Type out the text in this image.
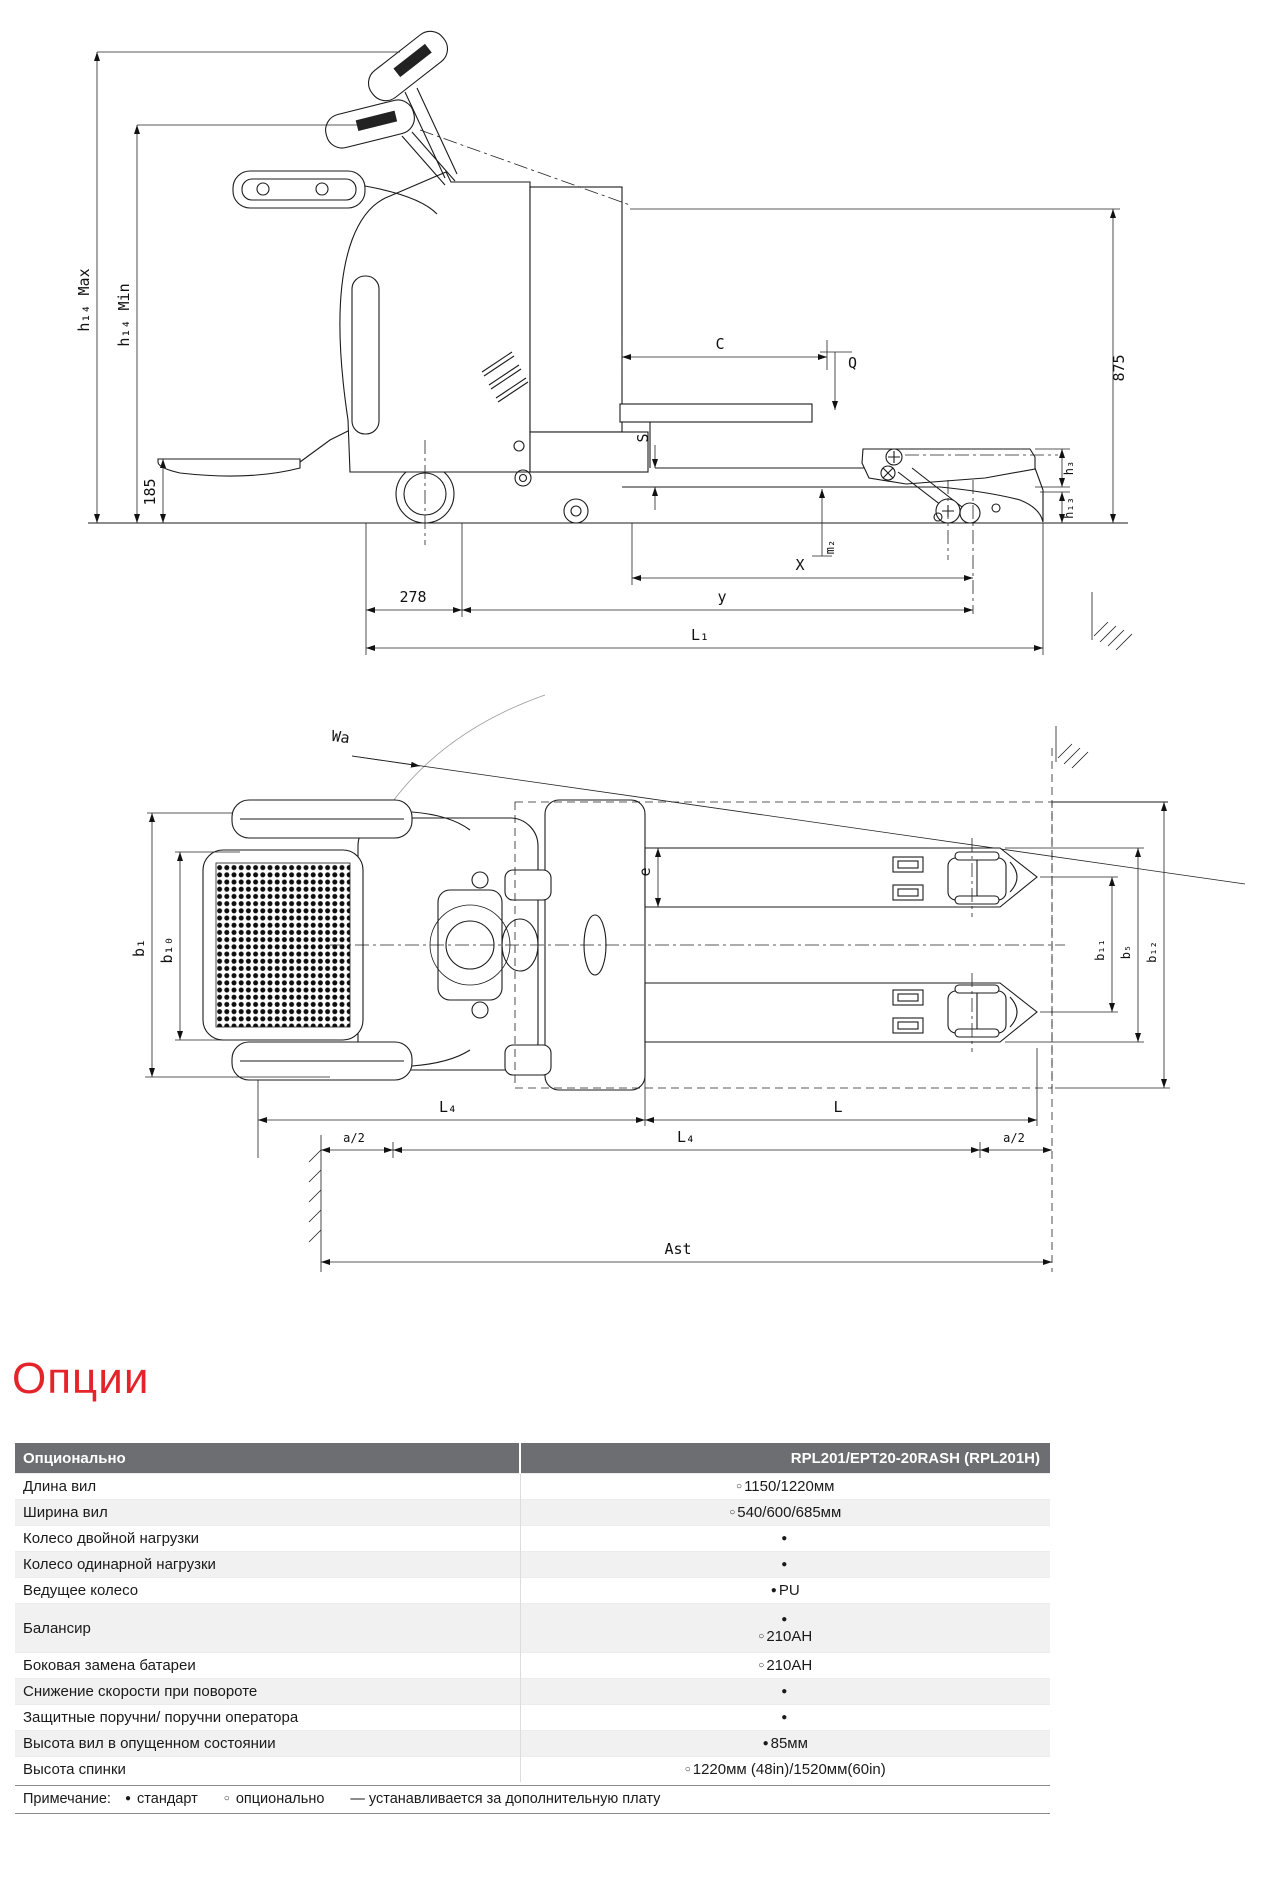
h₁₄ Max h₁₄ Min
185
C
Q
S
875
h₃
h₁₃
m₂
X
278	y
L₁
Wa
b₁ b₁₀
e
b₁₁ b₅ b₁₂
L₄	L
a/2	L₄	a/2
Ast
Опции
Опционально	RPL201/EPT20-20RASH (RPL201H)
Длина вил	○ 1150/1220мм

Ширина вил	○ 540/600/685мм

Колесо двойной нагрузки	●

Колесо одинарной нагрузки	●

Ведущее колесо	● PU

Балансир	●
○ 210AH

Боковая замена батареи	○ 210AH

Снижение скорости при повороте	●

Защитные поручни/ поручни оператора	●

Высота вил в опущенном состоянии	● 85мм

Высота спинки	○ 1220мм (48in)/1520мм(60in)
Примечание: ● стандарт	○ опционально — устанавливается за дополнительную плату
